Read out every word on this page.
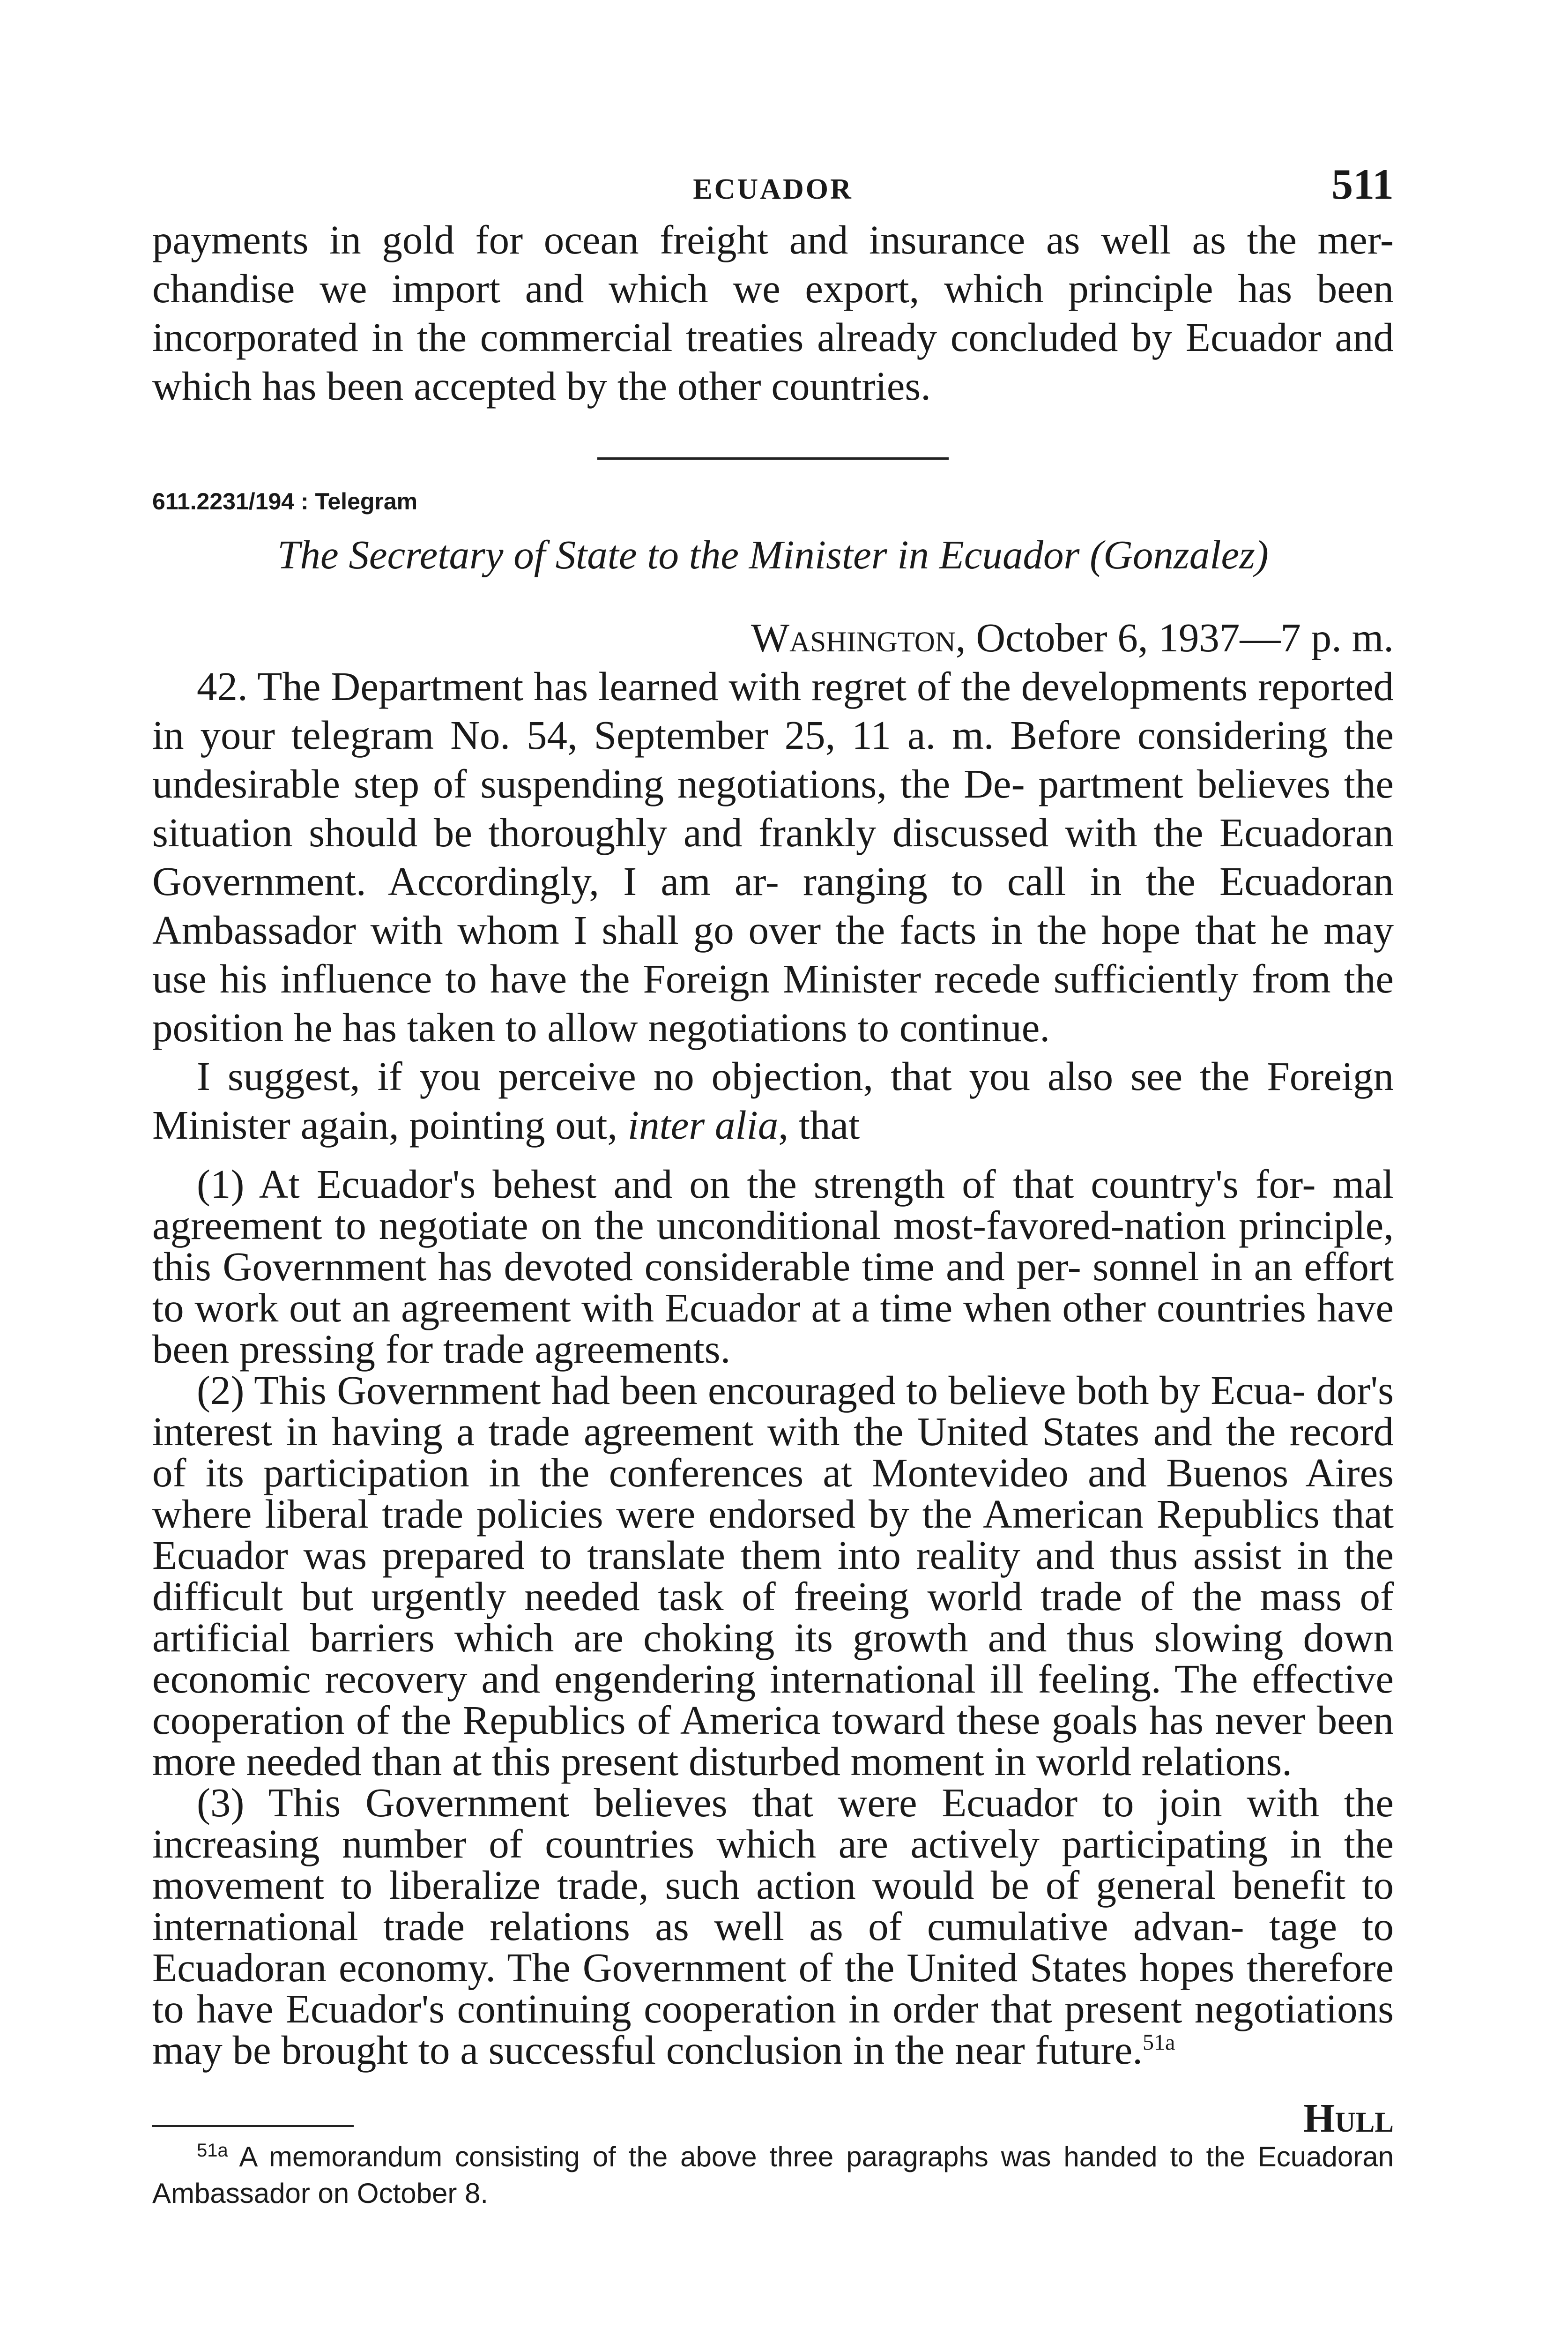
ECUADOR	511

payments in gold for ocean freight and insurance as well as the mer- chandise we import and which we export, which principle has been incorporated in the commercial treaties already concluded by Ecuador and which has been accepted by the other countries.

611.2231/194 : Telegram
The Secretary of State to the Minister in Ecuador (Gonzalez)
Washington, October 6, 1937—7 p. m.

42. The Department has learned with regret of the developments reported in your telegram No. 54, September 25, 11 a. m. Before considering the undesirable step of suspending negotiations, the De- partment believes the situation should be thoroughly and frankly discussed with the Ecuadoran Government. Accordingly, I am ar- ranging to call in the Ecuadoran Ambassador with whom I shall go over the facts in the hope that he may use his influence to have the Foreign Minister recede sufficiently from the position he has taken to allow negotiations to continue.

I suggest, if you perceive no objection, that you also see the Foreign Minister again, pointing out, inter alia, that

(1) At Ecuador's behest and on the strength of that country's for- mal agreement to negotiate on the unconditional most-favored-nation principle, this Government has devoted considerable time and per- sonnel in an effort to work out an agreement with Ecuador at a time when other countries have been pressing for trade agreements.

(2) This Government had been encouraged to believe both by Ecua- dor's interest in having a trade agreement with the United States and the record of its participation in the conferences at Montevideo and Buenos Aires where liberal trade policies were endorsed by the American Republics that Ecuador was prepared to translate them into reality and thus assist in the difficult but urgently needed task of freeing world trade of the mass of artificial barriers which are choking its growth and thus slowing down economic recovery and engendering international ill feeling. The effective cooperation of the Republics of America toward these goals has never been more needed than at this present disturbed moment in world relations.

(3) This Government believes that were Ecuador to join with the increasing number of countries which are actively participating in the movement to liberalize trade, such action would be of general benefit to international trade relations as well as of cumulative advan- tage to Ecuadoran economy. The Government of the United States hopes therefore to have Ecuador's continuing cooperation in order that present negotiations may be brought to a successful conclusion in the near future.$^{51a}$

Hull

$^{51a}$ A memorandum consisting of the above three paragraphs was handed to the Ecuadoran Ambassador on October 8.
